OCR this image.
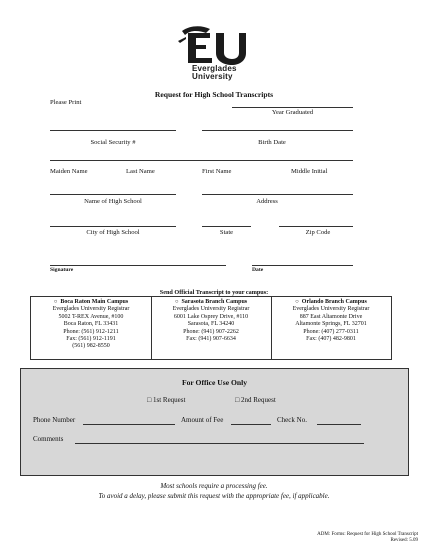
Everglades
University
Request for High School Transcripts
Please Print
Year Graduated
Social Security #	Birth Date
Maiden Name	Last Name	First Name	Middle Initial
Name of High School	Address
City of High School	State	Zip Code
Signature	Date
Send Official Transcript to your campus:
○ Boca Raton Main Campus
Everglades University Registrar
5002 T-REX Avenue, #100
Boca Raton, FL 33431
Phone: (561) 912-1211
Fax: (561) 912-1191
(561) 982-8550
○ Sarasota Branch Campus
Everglades University Registrar
6001 Lake Osprey Drive, #110
Sarasota, FL 34240
Phone: (941) 907-2262
Fax: (941) 907-6634
○ Orlando Branch Campus
Everglades University Registrar
887 East Altamonte Drive
Altamonte Springs, FL 32701
Phone: (407) 277-0311
Fax: (407) 482-9801
For Office Use Only
□ 1st Request	□ 2nd Request
Phone Number	Amount of Fee	Check No.
Comments
Most schools require a processing fee.
To avoid a delay, please submit this request with the appropriate fee, if applicable.
ADM: Forms: Request for High School Transcript
Revised: 5.09
